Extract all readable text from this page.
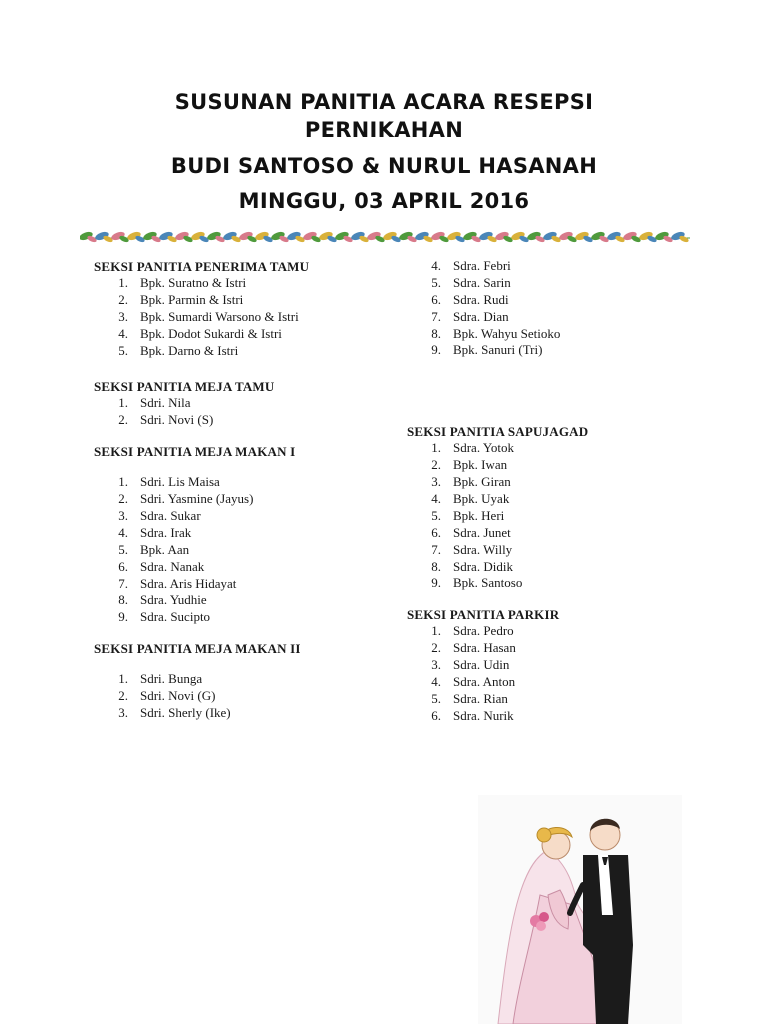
SUSUNAN PANITIA ACARA RESEPSI
PERNIKAHAN
BUDI SANTOSO & NURUL HASANAH
MINGGU, 03 APRIL 2016
SEKSI PANITIA PENERIMA TAMU
1. Bpk. Suratno & Istri
2. Bpk. Parmin & Istri
3. Bpk. Sumardi Warsono & Istri
4. Bpk. Dodot Sukardi & Istri
5. Bpk. Darno & Istri
SEKSI PANITIA MEJA TAMU
1. Sdri. Nila
2. Sdri. Novi (S)
SEKSI PANITIA MEJA MAKAN I
1. Sdri. Lis Maisa
2. Sdri. Yasmine (Jayus)
3. Sdra. Sukar
4. Sdra. Irak
5. Bpk. Aan
6. Sdra. Nanak
7. Sdra. Aris Hidayat
8. Sdra. Yudhie
9. Sdra. Sucipto
SEKSI PANITIA MEJA MAKAN II
1. Sdri. Bunga
2. Sdri. Novi (G)
3. Sdri. Sherly (Ike)
4. Sdra. Febri
5. Sdra. Sarin
6. Sdra. Rudi
7. Sdra. Dian
8. Bpk. Wahyu Setioko
9. Bpk. Sanuri (Tri)
SEKSI PANITIA SAPUJAGAD
1. Sdra. Yotok
2. Bpk. Iwan
3. Bpk. Giran
4. Bpk. Uyak
5. Bpk. Heri
6. Sdra. Junet
7. Sdra. Willy
8. Sdra. Didik
9. Bpk. Santoso
SEKSI PANITIA PARKIR
1. Sdra. Pedro
2. Sdra. Hasan
3. Sdra. Udin
4. Sdra. Anton
5. Sdra. Rian
6. Sdra. Nurik
